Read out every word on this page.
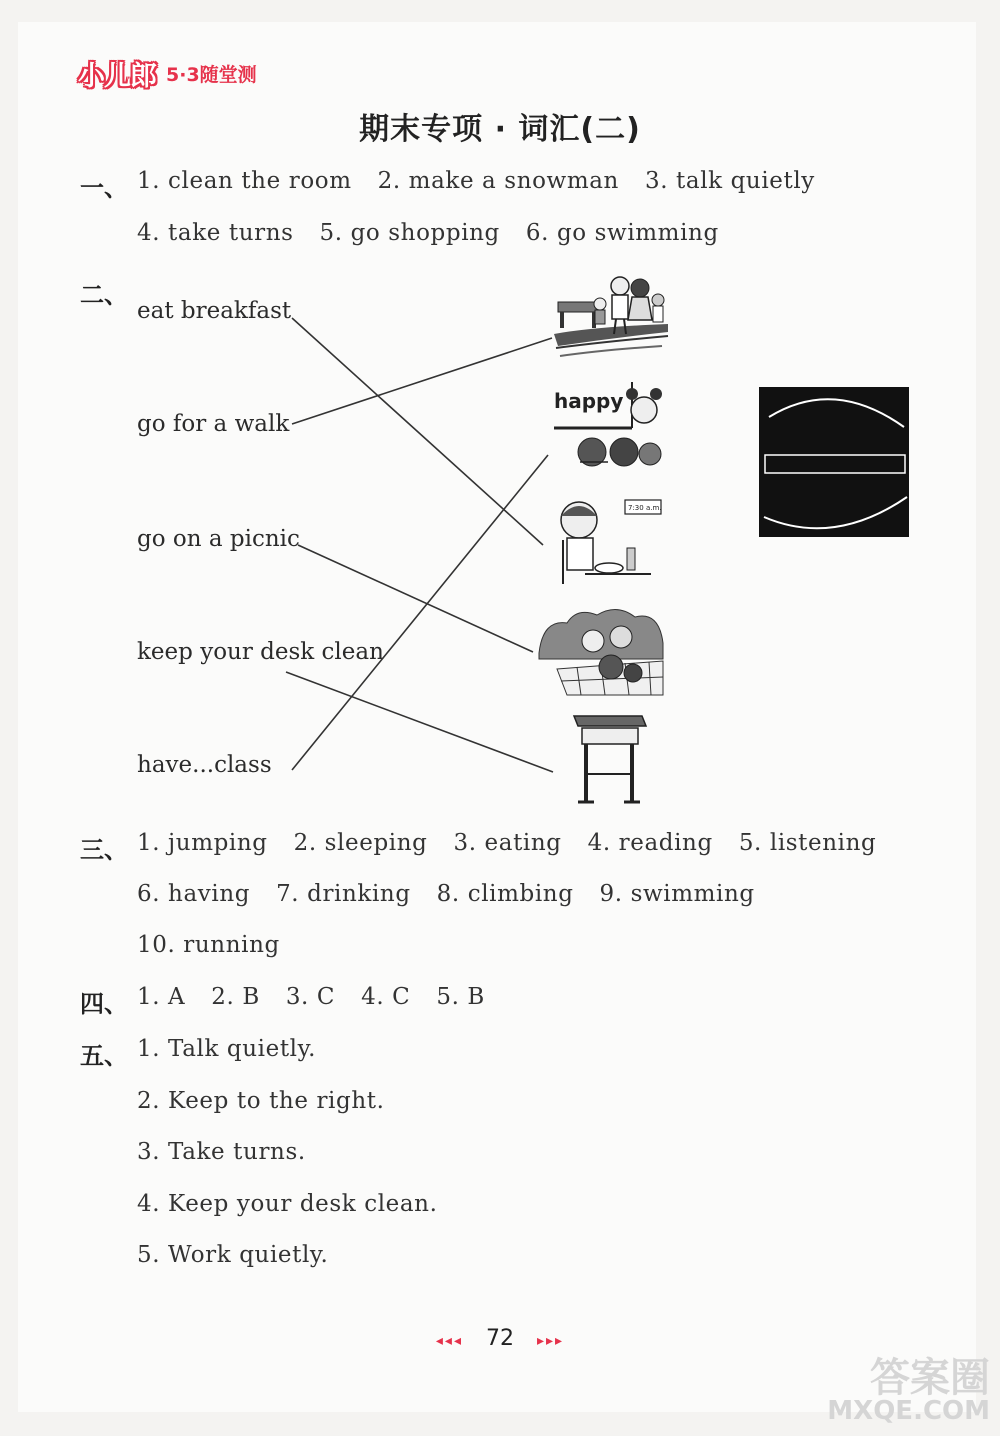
小儿郎 5·3随堂测
期末专项 · 词汇(二)
一、 1. clean the room 2. make a snowman 3. talk quietly
4. take turns 5. go shopping 6. go swimming
二、
eat breakfast
go for a walk
go on a picnic
keep your desk clean
have...class
happy
7:30 a.m.
三、 1. jumping 2. sleeping 3. eating 4. reading 5. listening
6. having 7. drinking 8. climbing 9. swimming
10. running
四、 1. A 2. B 3. C 4. C 5. B
五、 1. Talk quietly.
2. Keep to the right.
3. Take turns.
4. Keep your desk clean.
5. Work quietly.
◂◂◂ 72 ▸▸▸
答案圈
MXQE.COM
